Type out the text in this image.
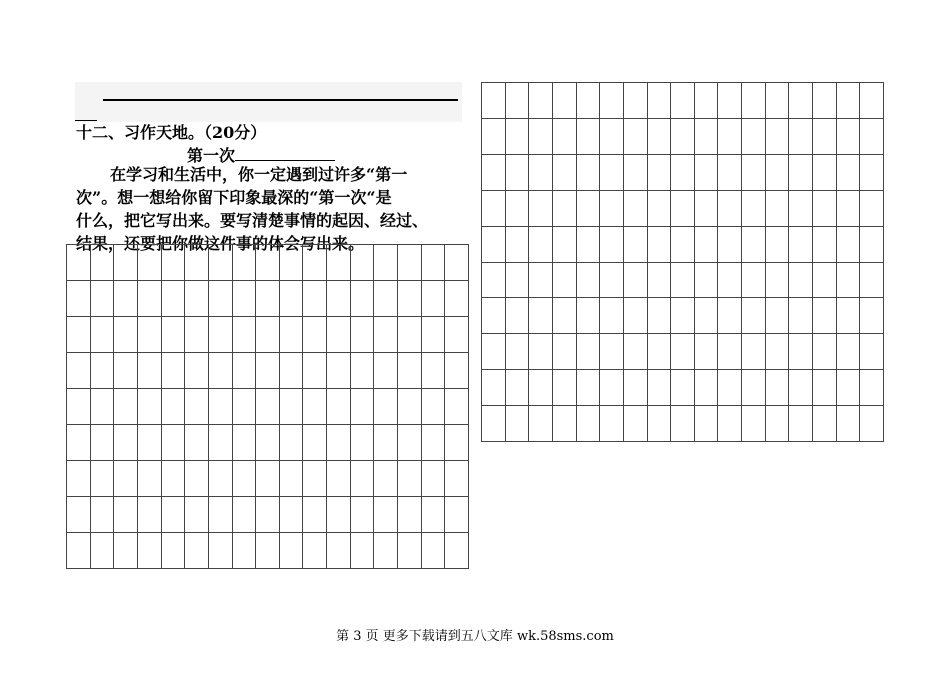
十二、习作天地。（20分）
第一次
在学习和生活中，你一定遇到过许多“第一
次”。想一想给你留下印象最深的“第一次“是
什么，把它写出来。要写清楚事情的起因、经过、
结果，还要把你做这件事的体会写出来。
第 3 页 更多下载请到五八文库 wk.58sms.com
